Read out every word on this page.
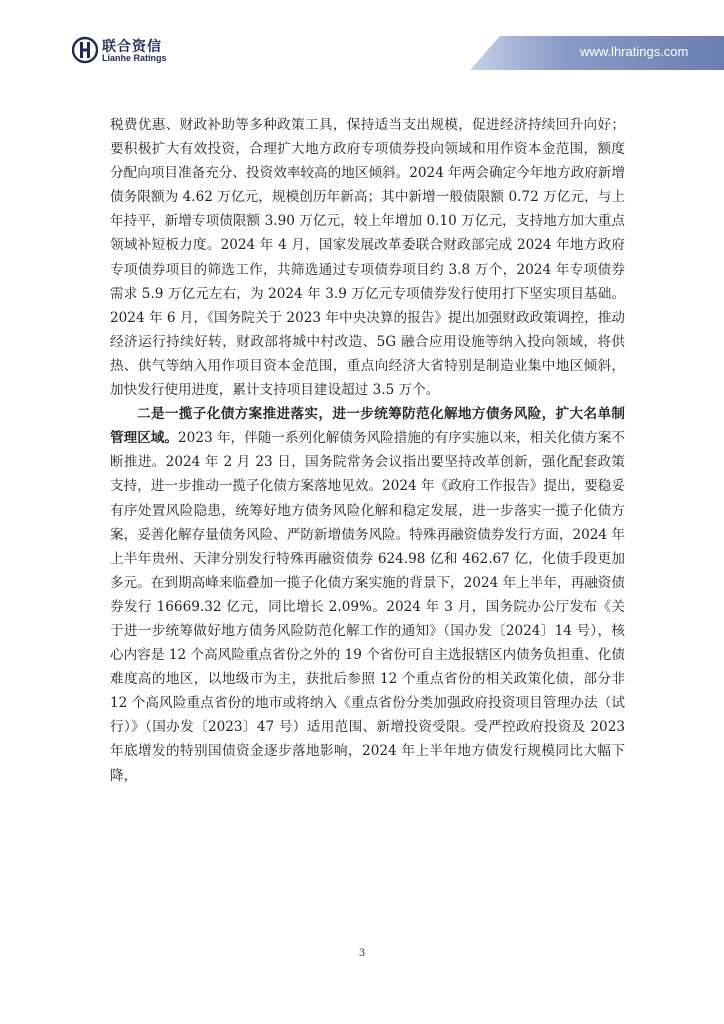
联合资信
Lianhe Ratings	www.lhratings.com

税费优惠、财政补助等多种政策工具，保持适当支出规模，促进经济持续回升向好；要积极扩大有效投资，合理扩大地方政府专项债券投向领域和用作资本金范围，额度分配向项目准备充分、投资效率较高的地区倾斜。2024 年两会确定今年地方政府新增债务限额为 4.62 万亿元，规模创历年新高；其中新增一般债限额 0.72 万亿元，与上年持平，新增专项债限额 3.90 万亿元，较上年增加 0.10 万亿元，支持地方加大重点领域补短板力度。2024 年 4 月，国家发展改革委联合财政部完成 2024 年地方政府专项债券项目的筛选工作，共筛选通过专项债券项目约 3.8 万个，2024 年专项债券需求 5.9 万亿元左右，为 2024 年 3.9 万亿元专项债券发行使用打下坚实项目基础。2024 年 6 月，《国务院关于 2023 年中央决算的报告》提出加强财政政策调控，推动经济运行持续好转，财政部将城中村改造、5G 融合应用设施等纳入投向领域，将供热、供气等纳入用作项目资本金范围，重点向经济大省特别是制造业集中地区倾斜，加快发行使用进度，累计支持项目建设超过 3.5 万个。

二是一揽子化债方案推进落实，进一步统筹防范化解地方债务风险，扩大名单制管理区域。2023 年，伴随一系列化解债务风险措施的有序实施以来，相关化债方案不断推进。2024 年 2 月 23 日，国务院常务会议指出要坚持改革创新，强化配套政策支持，进一步推动一揽子化债方案落地见效。2024 年《政府工作报告》提出，要稳妥有序处置风险隐患，统筹好地方债务风险化解和稳定发展，进一步落实一揽子化债方案，妥善化解存量债务风险、严防新增债务风险。特殊再融资债券发行方面，2024 年上半年贵州、天津分别发行特殊再融资债券 624.98 亿和 462.67 亿，化债手段更加多元。在到期高峰来临叠加一揽子化债方案实施的背景下，2024 年上半年，再融资债券发行 16669.32 亿元，同比增长 2.09%。2024 年 3 月，国务院办公厅发布《关于进一步统筹做好地方债务风险防范化解工作的通知》（国办发〔2024〕14 号），核心内容是 12 个高风险重点省份之外的 19 个省份可自主选报辖区内债务负担重、化债难度高的地区，以地级市为主，获批后参照 12 个重点省份的相关政策化债，部分非 12 个高风险重点省份的地市或将纳入《重点省份分类加强政府投资项目管理办法（试行）》（国办发〔2023〕47 号）适用范围、新增投资受限。受严控政府投资及 2023 年底增发的特别国债资金逐步落地影响，2024 年上半年地方债发行规模同比大幅下降，

3
